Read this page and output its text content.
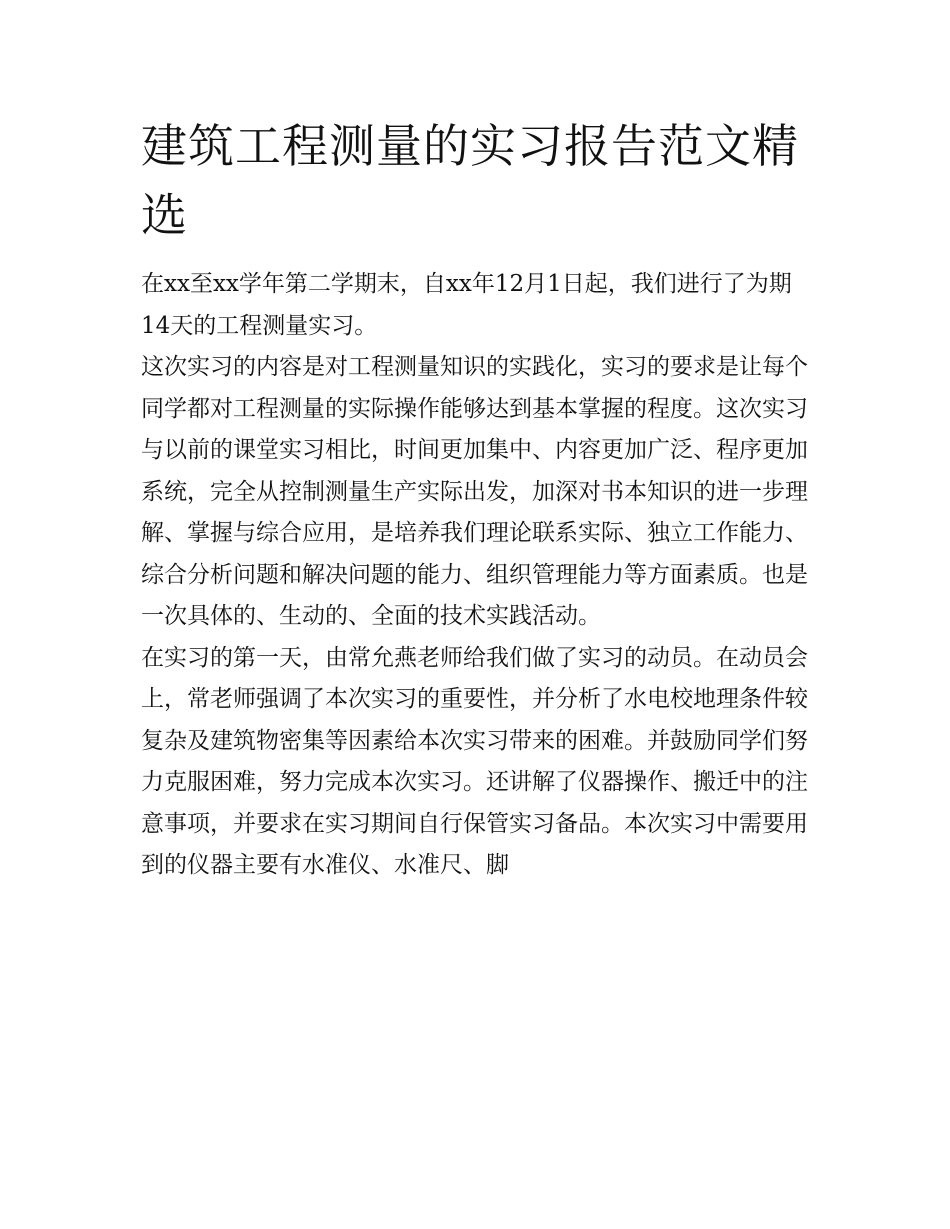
建筑工程测量的实习报告范文精选

在xx至xx学年第二学期末，自xx年12月1日起，我们进行了为期14天的工程测量实习。

这次实习的内容是对工程测量知识的实践化，实习的要求是让每个同学都对工程测量的实际操作能够达到基本掌握的程度。这次实习与以前的课堂实习相比，时间更加集中、内容更加广泛、程序更加系统，完全从控制测量生产实际出发，加深对书本知识的进一步理解、掌握与综合应用，是培养我们理论联系实际、独立工作能力、综合分析问题和解决问题的能力、组织管理能力等方面素质。也是一次具体的、生动的、全面的技术实践活动。

在实习的第一天，由常允燕老师给我们做了实习的动员。在动员会上，常老师强调了本次实习的重要性，并分析了水电校地理条件较复杂及建筑物密集等因素给本次实习带来的困难。并鼓励同学们努力克服困难，努力完成本次实习。还讲解了仪器操作、搬迁中的注意事项，并要求在实习期间自行保管实习备品。本次实习中需要用到的仪器主要有水准仪、水准尺、脚
